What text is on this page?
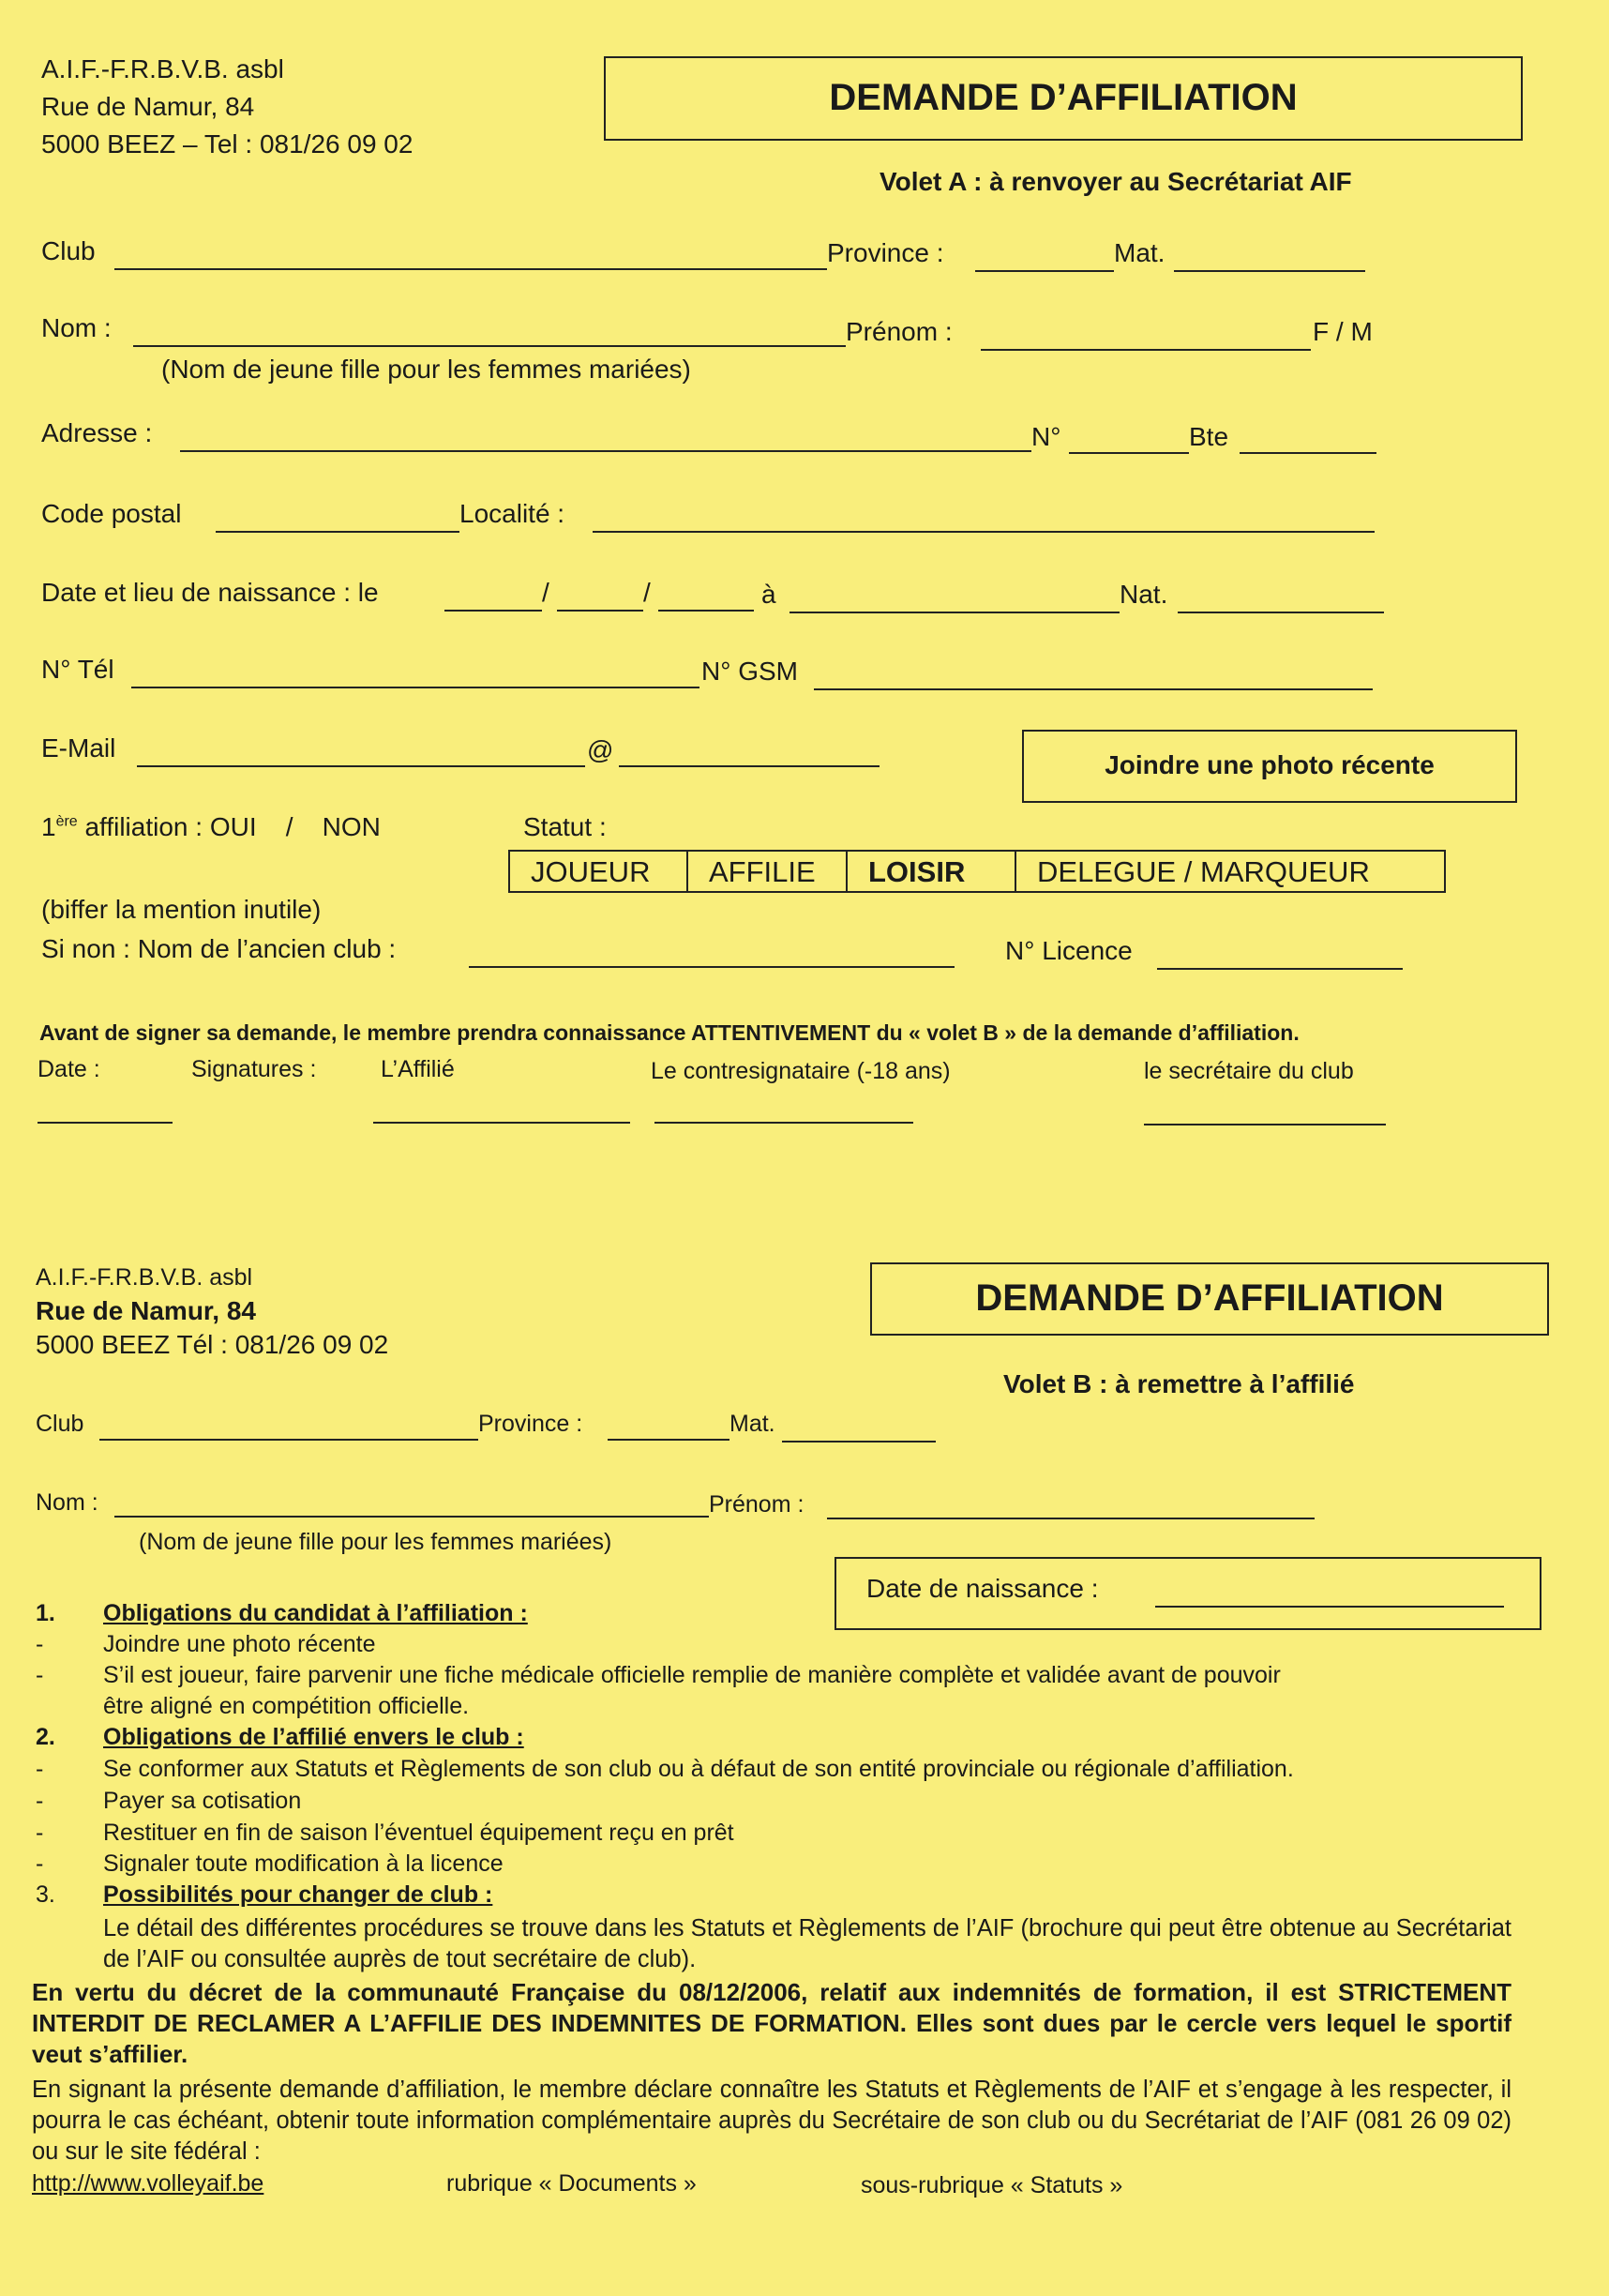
A.I.F.-F.R.B.V.B. asbl
Rue de Namur, 84
5000 BEEZ – Tel : 081/26 09 02
DEMANDE D’AFFILIATION
Volet A : à renvoyer au Secrétariat AIF
Club	Province :	Mat.
Nom :	Prénom :	F / M
(Nom de jeune fille pour les femmes mariées)
Adresse :	N°	Bte
Code postal	Localité :
Date et lieu de naissance : le	/	/	à	Nat.
N° Tél	N° GSM
E-Mail	@
Joindre une photo récente
1ère affiliation : OUI    /    NON	Statut :
JOUEUR	AFFILIE	LOISIR	DELEGUE / MARQUEUR
(biffer la mention inutile)
Si non : Nom de l’ancien club :	N° Licence
Avant de signer sa demande, le membre prendra connaissance ATTENTIVEMENT du « volet B » de la demande d’affiliation.
Date :	Signatures :	L’Affilié	Le contresignataire (-18 ans)	le secrétaire du club
A.I.F.-F.R.B.V.B. asbl
Rue de Namur, 84
5000 BEEZ Tél : 081/26 09 02
DEMANDE D’AFFILIATION
Volet B : à remettre à l’affilié
Club	Province :	Mat.
Nom :	Prénom :
(Nom de jeune fille pour les femmes mariées)
Date de naissance :
1. Obligations du candidat à l’affiliation :
-	Joindre une photo récente
-	S’il est joueur, faire parvenir une fiche médicale officielle remplie de manière complète et validée avant de pouvoir
être aligné en compétition officielle.
2. Obligations de l’affilié envers le club :
-	Se conformer aux Statuts et Règlements de son club ou à défaut de son entité provinciale ou régionale d’affiliation.
-	Payer sa cotisation
-	Restituer en fin de saison l’éventuel équipement reçu en prêt
-	Signaler toute modification à la licence
3. Possibilités pour changer de club :
Le détail des différentes procédures se trouve dans les Statuts et Règlements de l’AIF (brochure qui peut être obtenue au Secrétariat de l’AIF ou consultée auprès de tout secrétaire de club).
En vertu du décret de la communauté Française du 08/12/2006, relatif aux indemnités de formation, il est STRICTEMENT INTERDIT DE RECLAMER A L’AFFILIE DES INDEMNITES DE FORMATION. Elles sont dues par le cercle vers lequel le sportif veut s’affilier.
En signant la présente demande d’affiliation, le membre déclare connaître les Statuts et Règlements de l’AIF et s’engage à les respecter, il pourra le cas échéant, obtenir toute information complémentaire auprès du Secrétaire de son club ou du Secrétariat de l’AIF (081 26 09 02) ou sur le site fédéral :
http://www.volleyaif.be	rubrique « Documents »	sous-rubrique « Statuts »
